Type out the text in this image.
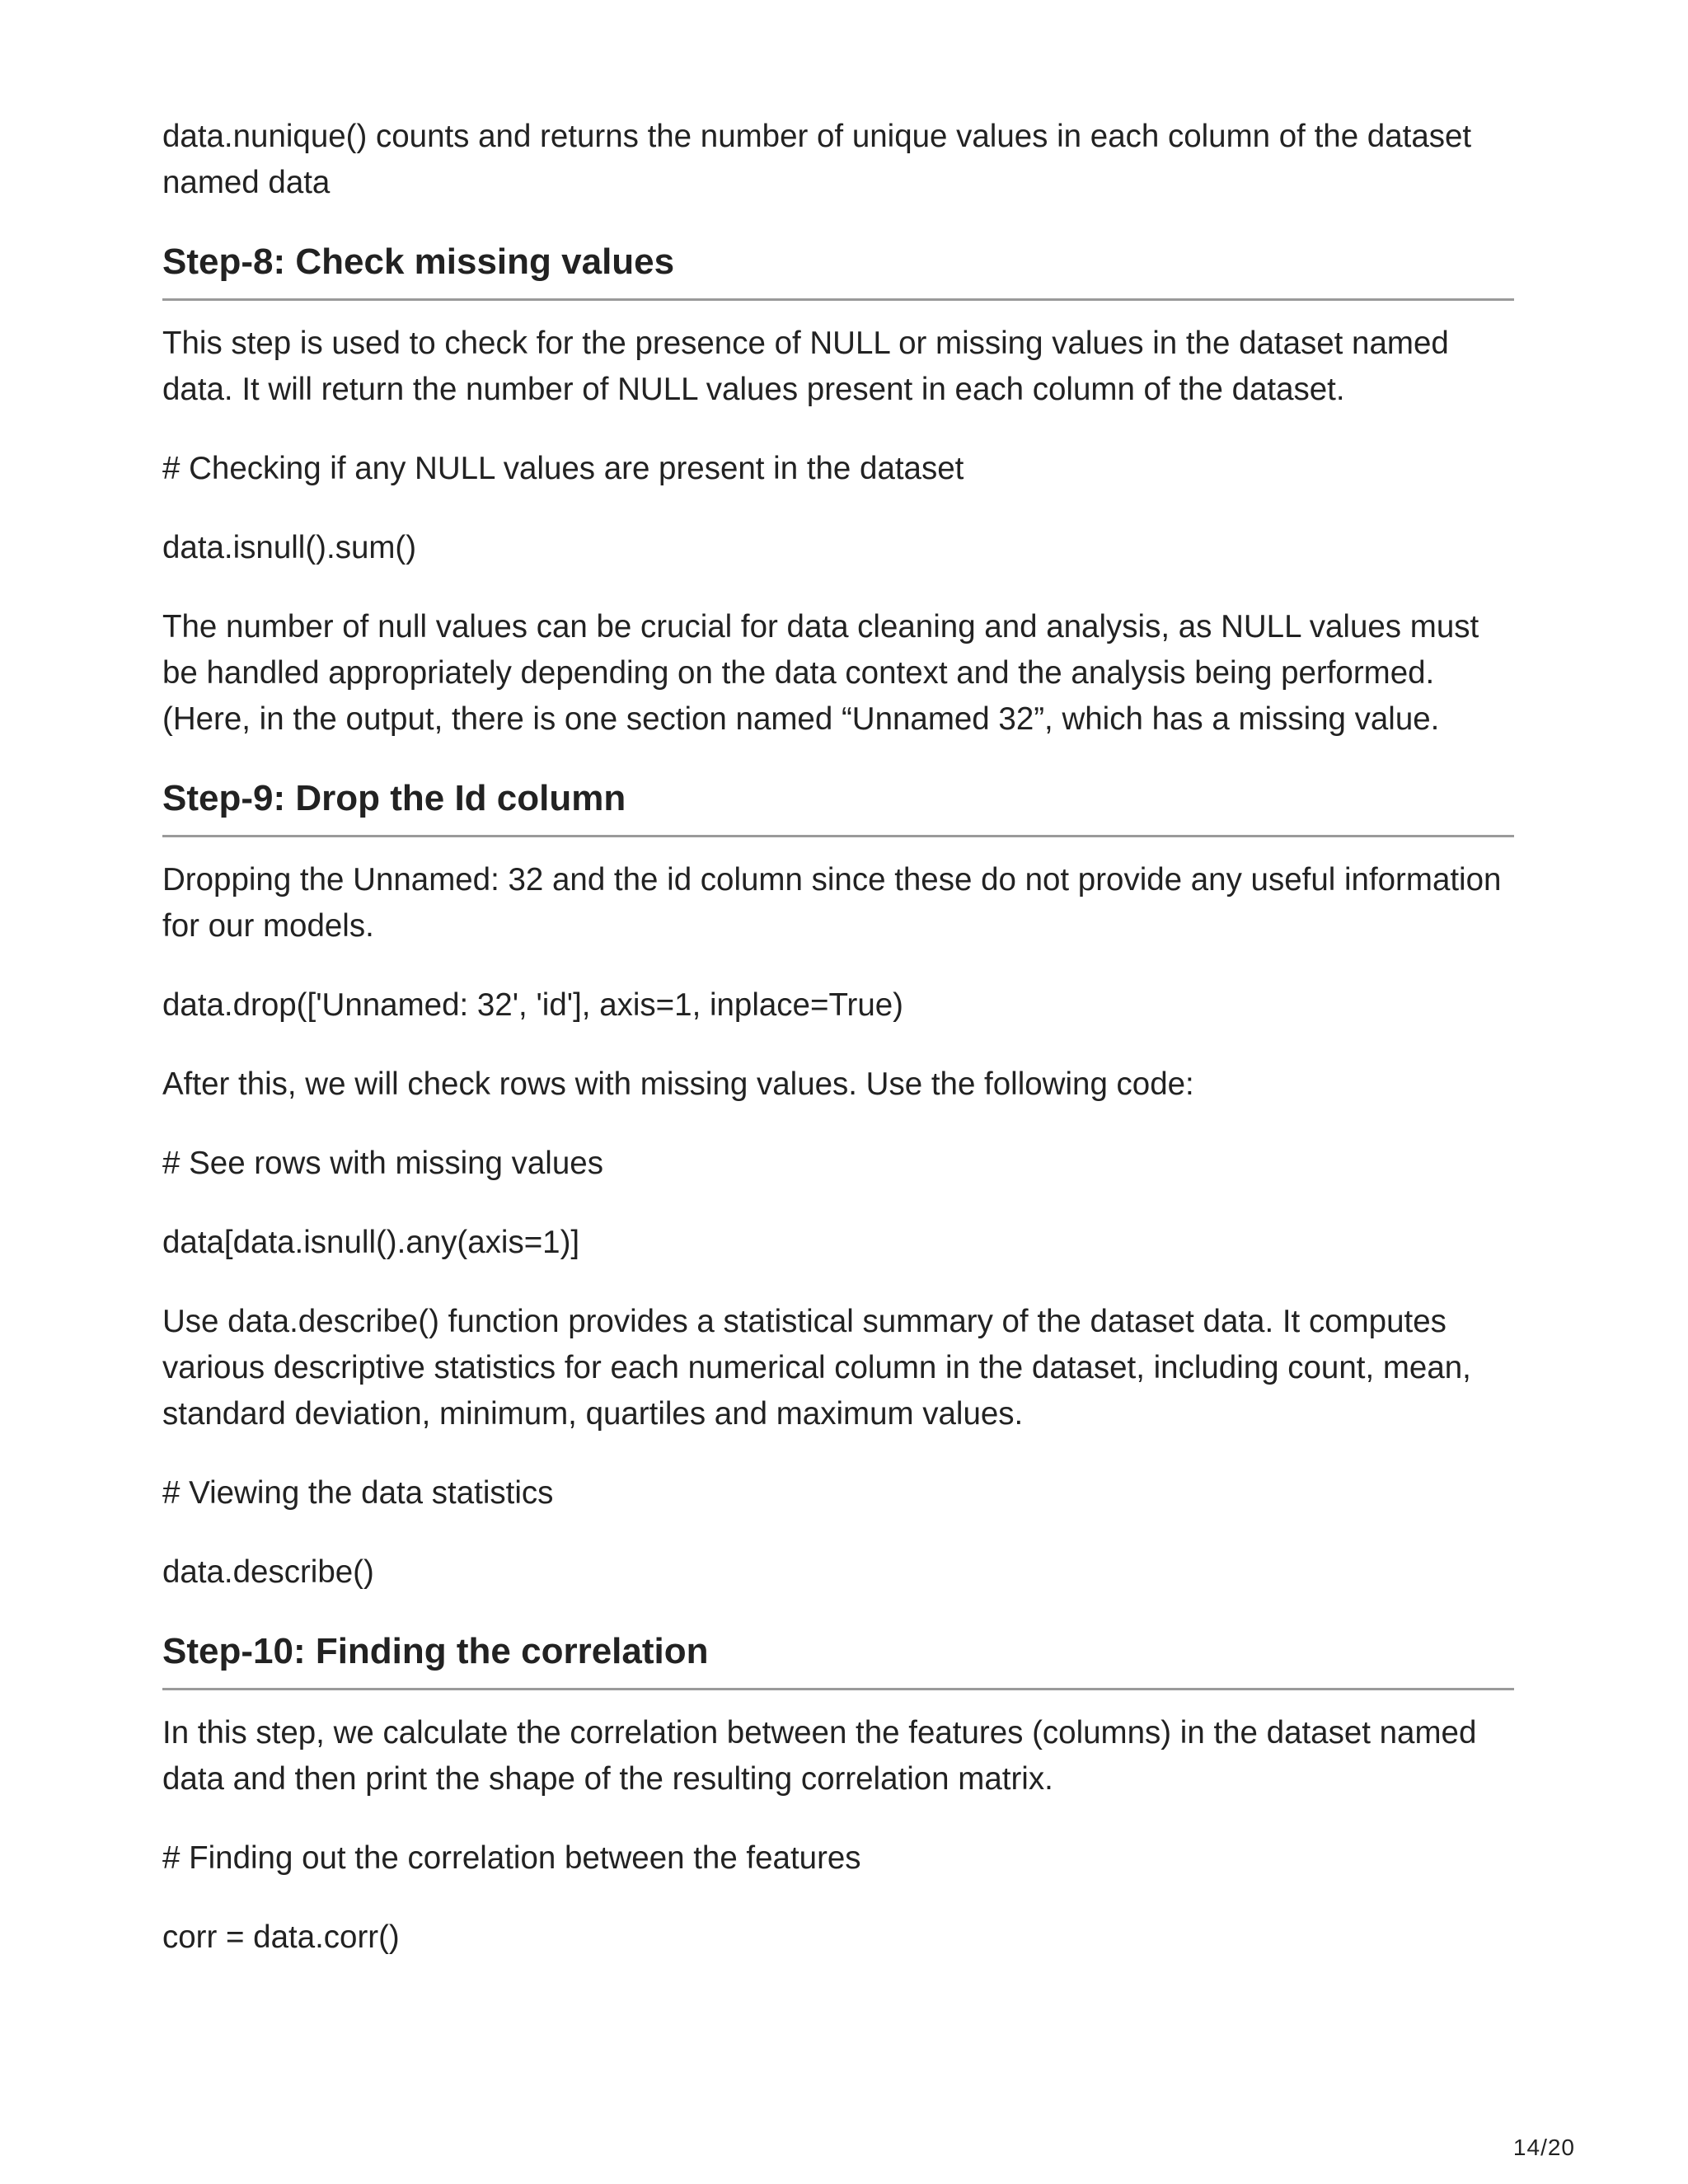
data.nunique() counts and returns the number of unique values in each column of the dataset named data

Step-8: Check missing values

This step is used to check for the presence of NULL or missing values in the dataset named data. It will return the number of NULL values present in each column of the dataset.

# Checking if any NULL values are present in the dataset

data.isnull().sum()

The number of null values can be crucial for data cleaning and analysis, as NULL values must be handled appropriately depending on the data context and the analysis being performed. (Here, in the output, there is one section named “Unnamed 32”, which has a missing value.

Step-9: Drop the Id column

Dropping the Unnamed: 32 and the id column since these do not provide any useful information for our models.

data.drop(['Unnamed: 32', 'id'], axis=1, inplace=True)

After this, we will check rows with missing values. Use the following code:

# See rows with missing values

data[data.isnull().any(axis=1)]

Use data.describe() function provides a statistical summary of the dataset data. It computes various descriptive statistics for each numerical column in the dataset, including count, mean, standard deviation, minimum, quartiles and maximum values.

# Viewing the data statistics

data.describe()

Step-10: Finding the correlation

In this step, we calculate the correlation between the features (columns) in the dataset named data and then print the shape of the resulting correlation matrix.

# Finding out the correlation between the features

corr = data.corr()

14/20
